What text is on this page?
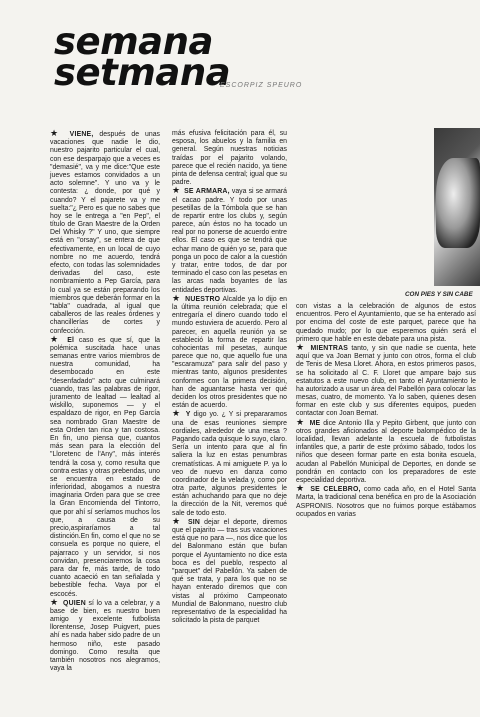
semana
setmana
ESCORPIZ SPEURO
CON PIES Y SIN CABE

★ VIENE, después de unas vacaciones que nadie le dio, nuestro pajarito particular el cual, con ese desparpajo que a veces es "demasié", va y me dice:"Que este jueves estamos convidados a un acto solemne". Y uno va y le contesta: ¿ donde, por qué y cuando? Y el pajarete va y me suelta:"¿ Pero es que no sabes que hoy se le entrega a "en Pep", el título de Gran Maestre de la Orden Del Whisky ?" Y uno, que siempre está en "orsay", se entera de que efectivamente, en un local de cuyo nombre no me acuerdo, tendrá efecto, con todas las solemnidades derivadas del caso, este nombramiento a Pep García, para lo cual ya se están preparando los miembros que deberán formar en la "tabla" cuadrada, al igual que caballeros de las reales órdenes y chancillerías de cortes y confección.

★ El caso es que sí, que la polémica suscitada hace unas semanas entre varios miembros de nuestra comunidad, ha desembocado en este "desenfadado" acto que culminará cuando, tras las palabras de rigor, juramento de lealtad — lealtad al wiskillo, suponemos — y el espaldazo de rigor, en Pep García sea nombrado Gran Maestre de esta Orden tan rica y tan costosa. En fin, uno piensa que, cuantos más sean para la elección del "Lloretenc de l'Any", más interés tendrá la cosa y, como resulta que contra estas y otras prebendas, uno se encuentra en estado de inferioridad, abogamos a nuestra imaginaria Orden para que se cree la Gran Encomienda del Tintorro, que por ahí sí seríamos muchos los que, a causa de su precio,aspiraríamos a tal distinción.En fin, como el que no se consuela es porque no quiere, el pajarraco y un servidor, si nos convidan, presenciaremos la cosa para dar fe, más tarde, de todo cuanto acaeció en tan señalada y bebestible fecha. Vaya por el escocés.

★ QUIEN sí lo va a celebrar, y a base de bien, es nuestro buen amigo y excelente futbolista llorentense, Josep Puigvert, pues ahí es nada haber sido padre de un hermoso niño, este pasado domingo. Como resulta que también nosotros nos alegramos, vaya la

más efusiva felicitación para él, su esposa, los abuelos y la familia en general. Según nuestras noticias traídas por el pajarito volando, parece que el recién nacido, ya tiene pinta de defensa central; igual que su padre.

★ SE ARMARA, vaya si se armará el cacao padre. Y todo por unas pesetillas de la Tómbola que se han de repartir entre los clubs y, según parece, aún éstos no ha tocado un real por no ponerse de acuerdo entre ellos. El caso es que se tendrá que echar mano de quién yo se, para que ponga un poco de calor a la cuestión y tratar, entre todos, de dar por terminado el caso con las pesetas en las arcas nada boyantes de las entidades deportivas.

★ NUESTRO Alcalde ya lo dijo en la última reunión celebrada; que el entregaría el dinero cuando todo el mundo estuviera de acuerdo. Pero al parecer, en aquella reunión ya se estableció la forma de repartir las cohocientas mil pesetas, aunque parece que no, que aquello fue una "escaramuza" para salir del paso y mientras tanto, algunos presidentes conformes con la primera decisión, han de aguantarse hasta ver qué deciden los otros presidentes que no están de acuerdo.

★ Y digo yo. ¿ Y si prepararamos una de esas reuniones siempre cordiales, alrededor de una mesa ? Pagando cada quisque lo suyo, claro. Sería un intento para que al fin saliera la luz en estas penumbras crematísticas. A mi amiguete P. ya lo veo de nuevo en danza como coordinador de la velada y, como por otra parte, algunos presidentes le están achuchando para que no deje la dirección de la Nit, veremos qué sale de todo esto.

★ SIN dejar el deporte, diremos que el pajarito — tras sus vacaciones está que no para —, nos dice que los del Balonmano están que bufan porque el Ayuntamiento no dice esta boca es del pueblo, respecto al "parquet" del Pabellón. Ya saben de qué se trata, y para los que no se hayan enterado diremos que con vistas al próximo Campeonato Mundial de Balonmano, nuestro club representativo de la especialidad ha solicitado la pista de parquet

con vistas a la celebración de algunos de estos encuentros. Pero el Ayuntamiento, que se ha enterado así por encima del coste de este parquet, parece que ha quedado mudo; por lo que esperemos quién será el primero que hable en este debate para una pista.

★ MIENTRAS tanto, y sin que nadie se cuenta, hete aquí que va Joan Bernat y junto con otros, forma el club de Tenis de Mesa Lloret. Ahora, en estos primeros pasos, se ha solicitado al C. F. Lloret que ampare bajo sus estatutos a este nuevo club, en tanto el Ayuntamiento le ha autorizado a usar un área del Pabellón para colocar las mesas, cuatro, de momento. Ya lo saben, quienes desen formar en este club y sus diferentes equipos, pueden contactar con Joan Bernat.

★ ME dice Antonio Illa y Pepito Girbent, que junto con otros grandes aficionados al deporte balompédico de la localidad, llevan adelante la escuela de futbolistas infantiles que, a partir de este próximo sábado, todos los niños que deseen formar parte en esta bonita escuela, acudan al Pabellón Municipal de Deportes, en donde se pondrán en contacto con los preparadores de este especialidad deportiva.

★ SE CELEBRO, como cada año, en el Hotel Santa Marta, la tradicional cena benéfica en pro de la Asociación ASPRONIS. Nosotros que no fuimos porque estábamos ocupados en varias
